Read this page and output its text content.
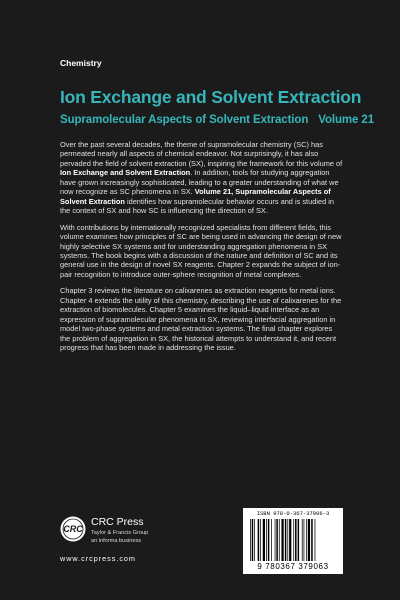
Chemistry
Ion Exchange and Solvent Extraction
Supramolecular Aspects of Solvent Extraction Volume 21

Over the past several decades, the theme of supramolecular chemistry (SC) has permeated nearly all aspects of chemical endeavor. Not surprisingly, it has also pervaded the field of solvent extraction (SX), inspiring the framework for this volume of Ion Exchange and Solvent Extraction. In addition, tools for studying aggregation have grown increasingly sophisticated, leading to a greater understanding of what we now recognize as SC phenomena in SX. Volume 21, Supramolecular Aspects of Solvent Extraction identifies how supramolecular behavior occurs and is studied in the context of SX and how SC is influencing the direction of SX.

With contributions by internationally recognized specialists from different fields, this volume examines how principles of SC are being used in advancing the design of new highly selective SX systems and for understanding aggregation phenomena in SX systems. The book begins with a discussion of the nature and definition of SC and its general use in the design of novel SX reagents. Chapter 2 expands the subject of ion-pair recognition to introduce outer-sphere recognition of metal complexes.

Chapter 3 reviews the literature on calixarenes as extraction reagents for metal ions. Chapter 4 extends the utility of this chemistry, describing the use of calixarenes for the extraction of biomolecules. Chapter 5 examines the liquid–liquid interface as an expression of supramolecular phenomena in SX, reviewing interfacial aggregation in model two-phase systems and metal extraction systems. The final chapter explores the problem of aggregation in SX, the historical attempts to understand it, and recent progress that has been made in addressing the issue.

CRC
CRC Press
Taylor & Francis Group
an informa business
www.crcpress.com
ISBN 978-0-367-37906-3
9 780367 379063
